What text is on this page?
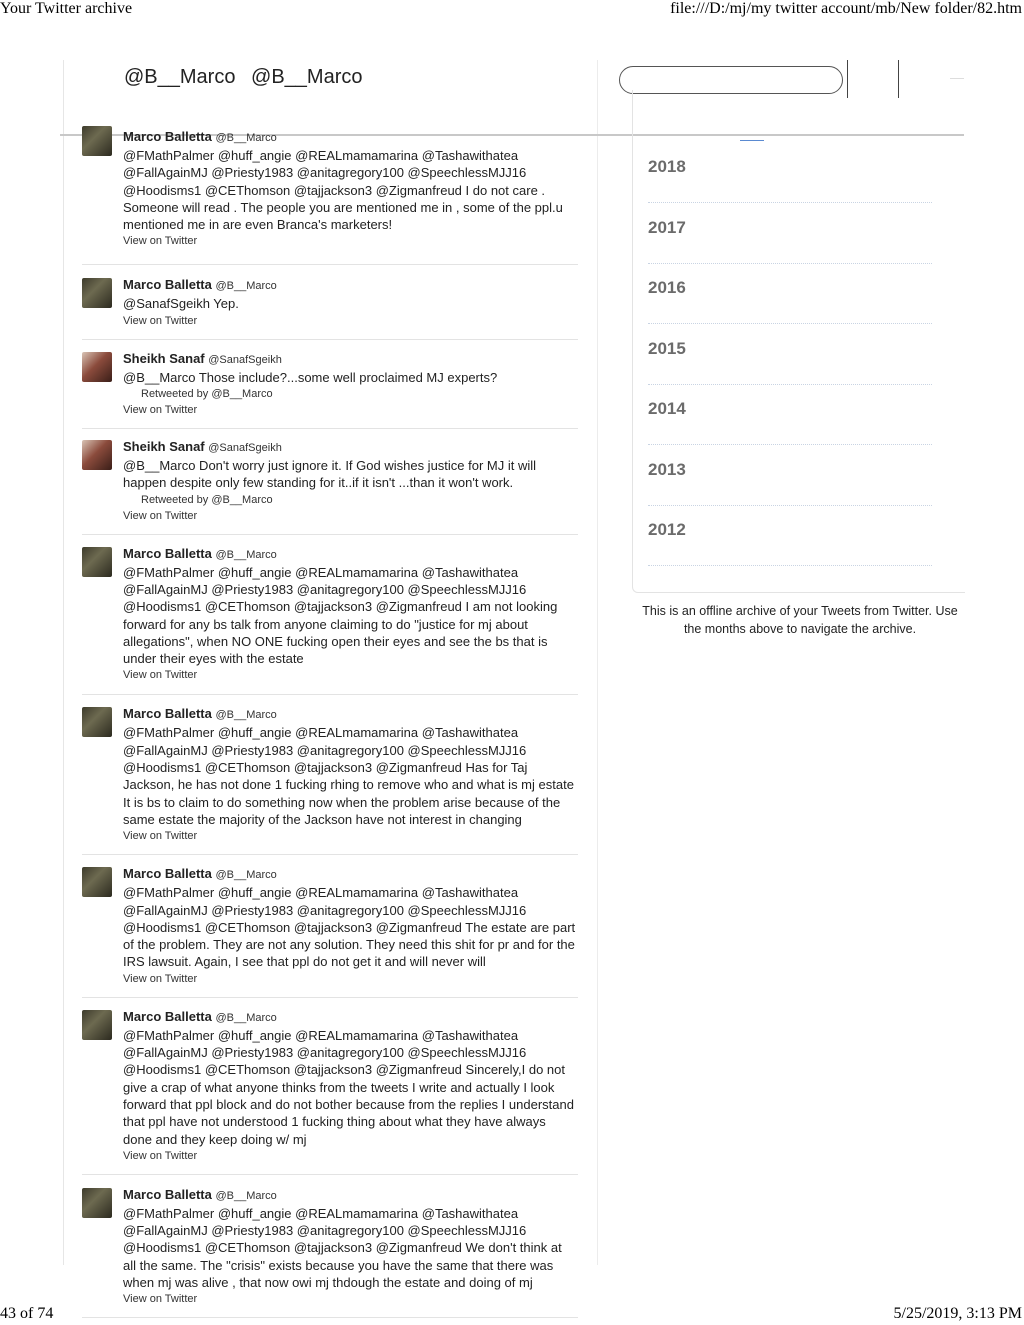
Your Twitter archive	file:///D:/mj/my twitter account/mb/New folder/82.htm
43 of 74	5/25/2019, 3:13 PM
@B__Marco @B__Marco
2018
2017
2016
2015
2014
2013
2012
This is an offline archive of your Tweets from Twitter. Use the months above to navigate the archive.
Marco Balletta @B__Marco
@FMathPalmer @huff_angie @REALmamamarina @Tashawithatea @FallAgainMJ @Priesty1983 @anitagregory100 @SpeechlessMJJ16 @Hoodisms1 @CEThomson @tajjackson3 @Zigmanfreud I do not care . Someone will read . The people you are mentioned me in , some of the ppl.u mentioned me in are even Branca's marketers!
View on Twitter
Marco Balletta @B__Marco
@SanafSgeikh Yep.
View on Twitter
Sheikh Sanaf @SanafSgeikh
@B__Marco Those include?...some well proclaimed MJ experts?
Retweeted by @B__Marco
View on Twitter
Sheikh Sanaf @SanafSgeikh
@B__Marco Don't worry just ignore it. If God wishes justice for MJ it will happen despite only few standing for it..if it isn't ...than it won't work.
Retweeted by @B__Marco
View on Twitter
Marco Balletta @B__Marco
@FMathPalmer @huff_angie @REALmamamarina @Tashawithatea @FallAgainMJ @Priesty1983 @anitagregory100 @SpeechlessMJJ16 @Hoodisms1 @CEThomson @tajjackson3 @Zigmanfreud I am not looking forward for any bs talk from anyone claiming to do "justice for mj about allegations", when NO ONE fucking open their eyes and see the bs that is under their eyes with the estate
View on Twitter
Marco Balletta @B__Marco
@FMathPalmer @huff_angie @REALmamamarina @Tashawithatea @FallAgainMJ @Priesty1983 @anitagregory100 @SpeechlessMJJ16 @Hoodisms1 @CEThomson @tajjackson3 @Zigmanfreud Has for Taj Jackson, he has not done 1 fucking rhing to remove who and what is mj estate It is bs to claim to do something now when the problem arise because of the same estate the majority of the Jackson have not interest in changing
View on Twitter
Marco Balletta @B__Marco
@FMathPalmer @huff_angie @REALmamamarina @Tashawithatea @FallAgainMJ @Priesty1983 @anitagregory100 @SpeechlessMJJ16 @Hoodisms1 @CEThomson @tajjackson3 @Zigmanfreud The estate are part of the problem. They are not any solution. They need this shit for pr and for the IRS lawsuit. Again, I see that ppl do not get it and will never will
View on Twitter
Marco Balletta @B__Marco
@FMathPalmer @huff_angie @REALmamamarina @Tashawithatea @FallAgainMJ @Priesty1983 @anitagregory100 @SpeechlessMJJ16 @Hoodisms1 @CEThomson @tajjackson3 @Zigmanfreud Sincerely,I do not give a crap of what anyone thinks from the tweets I write and actually I look forward that ppl block and do not bother because from the replies I understand that ppl have not understood 1 fucking thing about what they have always done and they keep doing w/ mj
View on Twitter
Marco Balletta @B__Marco
@FMathPalmer @huff_angie @REALmamamarina @Tashawithatea @FallAgainMJ @Priesty1983 @anitagregory100 @SpeechlessMJJ16 @Hoodisms1 @CEThomson @tajjackson3 @Zigmanfreud We don't think at all the same. The "crisis" exists because you have the same that there was when mj was alive , that now owi mj thdough the estate and doing of mj
View on Twitter
